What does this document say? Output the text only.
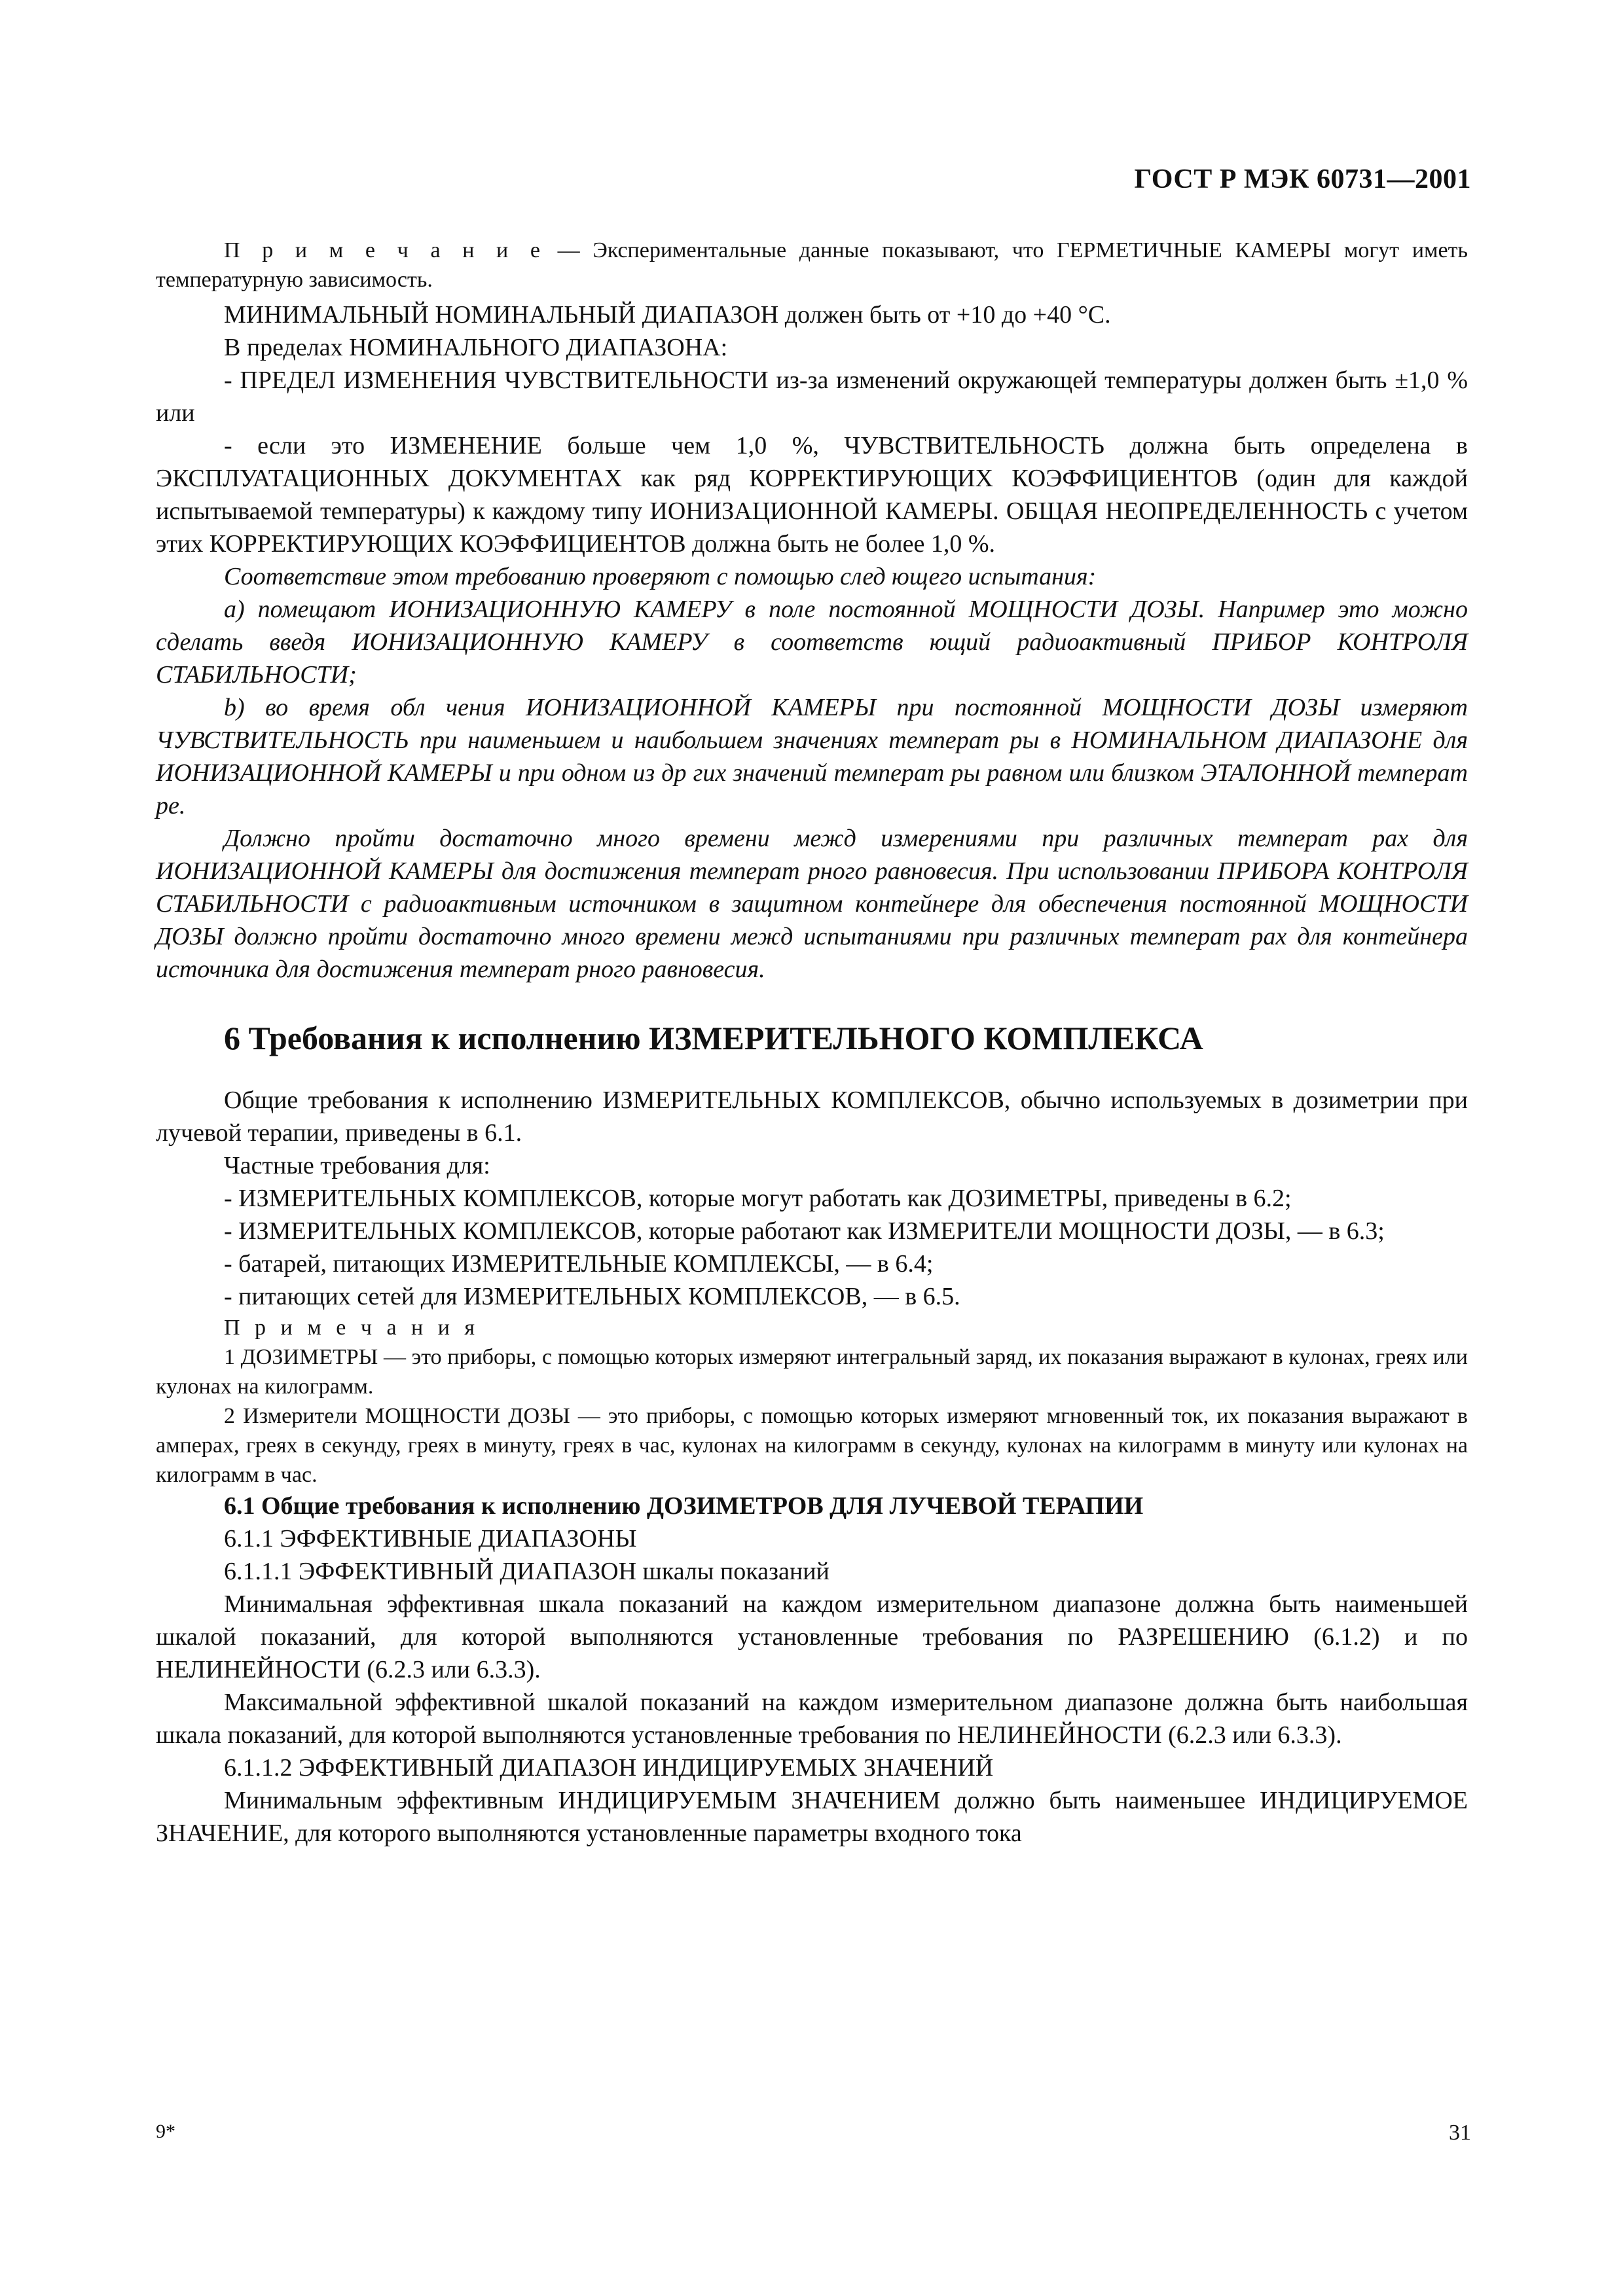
ГОСТ Р МЭК 60731—2001

П р и м е ч а н и е — Экспериментальные данные показывают, что ГЕРМЕТИЧНЫЕ КАМЕРЫ могут иметь температурную зависимость.

МИНИМАЛЬНЫЙ НОМИНАЛЬНЫЙ ДИАПАЗОН должен быть от +10 до +40 °С.

В пределах НОМИНАЛЬНОГО ДИАПАЗОНА:

- ПРЕДЕЛ ИЗМЕНЕНИЯ ЧУВСТВИТЕЛЬНОСТИ из-за изменений окружающей температуры должен быть ±1,0 % или

- если это ИЗМЕНЕНИЕ больше чем 1,0 %, ЧУВСТВИТЕЛЬНОСТЬ должна быть определена в ЭКСПЛУАТАЦИОННЫХ ДОКУМЕНТАХ как ряд КОРРЕКТИРУЮЩИХ КОЭФФИЦИЕНТОВ (один для каждой испытываемой температуры) к каждому типу ИОНИЗАЦИОННОЙ КАМЕРЫ. ОБЩАЯ НЕОПРЕДЕЛЕННОСТЬ с учетом этих КОРРЕКТИРУЮЩИХ КОЭФФИЦИЕНТОВ должна быть не более 1,0 %.

Соответствие этом требованию проверяют с помощью след ющего испытания:

а) помещают ИОНИЗАЦИОННУЮ КАМЕРУ в поле постоянной МОЩНОСТИ ДОЗЫ. Например это можно сделать введя ИОНИЗАЦИОННУЮ КАМЕРУ в соответств ющий радиоактивный ПРИБОР КОНТРОЛЯ СТАБИЛЬНОСТИ;

b) во время обл чения ИОНИЗАЦИОННОЙ КАМЕРЫ при постоянной МОЩНОСТИ ДОЗЫ измеряют ЧУВСТВИТЕЛЬНОСТЬ при наименьшем и наибольшем значениях температ ры в НОМИНАЛЬНОМ ДИАПАЗОНЕ для ИОНИЗАЦИОННОЙ КАМЕРЫ и при одном из др гих значений температ ры равном или близком ЭТАЛОННОЙ температ ре.

Должно пройти достаточно много времени межд измерениями при различных температ рах для ИОНИЗАЦИОННОЙ КАМЕРЫ для достижения температ рного равновесия. При использовании ПРИБОРА КОНТРОЛЯ СТАБИЛЬНОСТИ с радиоактивным источником в защитном контейнере для обеспечения постоянной МОЩНОСТИ ДОЗЫ должно пройти достаточно много времени межд испытаниями при различных температ рах для контейнера источника для достижения температ рного равновесия.

6 Требования к исполнению ИЗМЕРИТЕЛЬНОГО КОМПЛЕКСА

Общие требования к исполнению ИЗМЕРИТЕЛЬНЫХ КОМПЛЕКСОВ, обычно используемых в дозиметрии при лучевой терапии, приведены в 6.1.

Частные требования для:

- ИЗМЕРИТЕЛЬНЫХ КОМПЛЕКСОВ, которые могут работать как ДОЗИМЕТРЫ, приведены в 6.2;

- ИЗМЕРИТЕЛЬНЫХ КОМПЛЕКСОВ, которые работают как ИЗМЕРИТЕЛИ МОЩНОСТИ ДОЗЫ, — в 6.3;

- батарей, питающих ИЗМЕРИТЕЛЬНЫЕ КОМПЛЕКСЫ, — в 6.4;

- питающих сетей для ИЗМЕРИТЕЛЬНЫХ КОМПЛЕКСОВ, — в 6.5.

П р и м е ч а н и я

1 ДОЗИМЕТРЫ — это приборы, с помощью которых измеряют интегральный заряд, их показания выражают в кулонах, греях или кулонах на килограмм.

2 Измерители МОЩНОСТИ ДОЗЫ — это приборы, с помощью которых измеряют мгновенный ток, их показания выражают в амперах, греях в секунду, греях в минуту, греях в час, кулонах на килограмм в секунду, кулонах на килограмм в минуту или кулонах на килограмм в час.

6.1 Общие требования к исполнению ДОЗИМЕТРОВ ДЛЯ ЛУЧЕВОЙ ТЕРАПИИ

6.1.1 ЭФФЕКТИВНЫЕ ДИАПАЗОНЫ

6.1.1.1 ЭФФЕКТИВНЫЙ ДИАПАЗОН шкалы показаний

Минимальная эффективная шкала показаний на каждом измерительном диапазоне должна быть наименьшей шкалой показаний, для которой выполняются установленные требования по РАЗРЕШЕНИЮ (6.1.2) и по НЕЛИНЕЙНОСТИ (6.2.3 или 6.3.3).

Максимальной эффективной шкалой показаний на каждом измерительном диапазоне должна быть наибольшая шкала показаний, для которой выполняются установленные требования по НЕЛИНЕЙНОСТИ (6.2.3 или 6.3.3).

6.1.1.2 ЭФФЕКТИВНЫЙ ДИАПАЗОН ИНДИЦИРУЕМЫХ ЗНАЧЕНИЙ

Минимальным эффективным ИНДИЦИРУЕМЫМ ЗНАЧЕНИЕМ должно быть наименьшее ИНДИЦИРУЕМОЕ ЗНАЧЕНИЕ, для которого выполняются установленные параметры входного тока

9*	31
